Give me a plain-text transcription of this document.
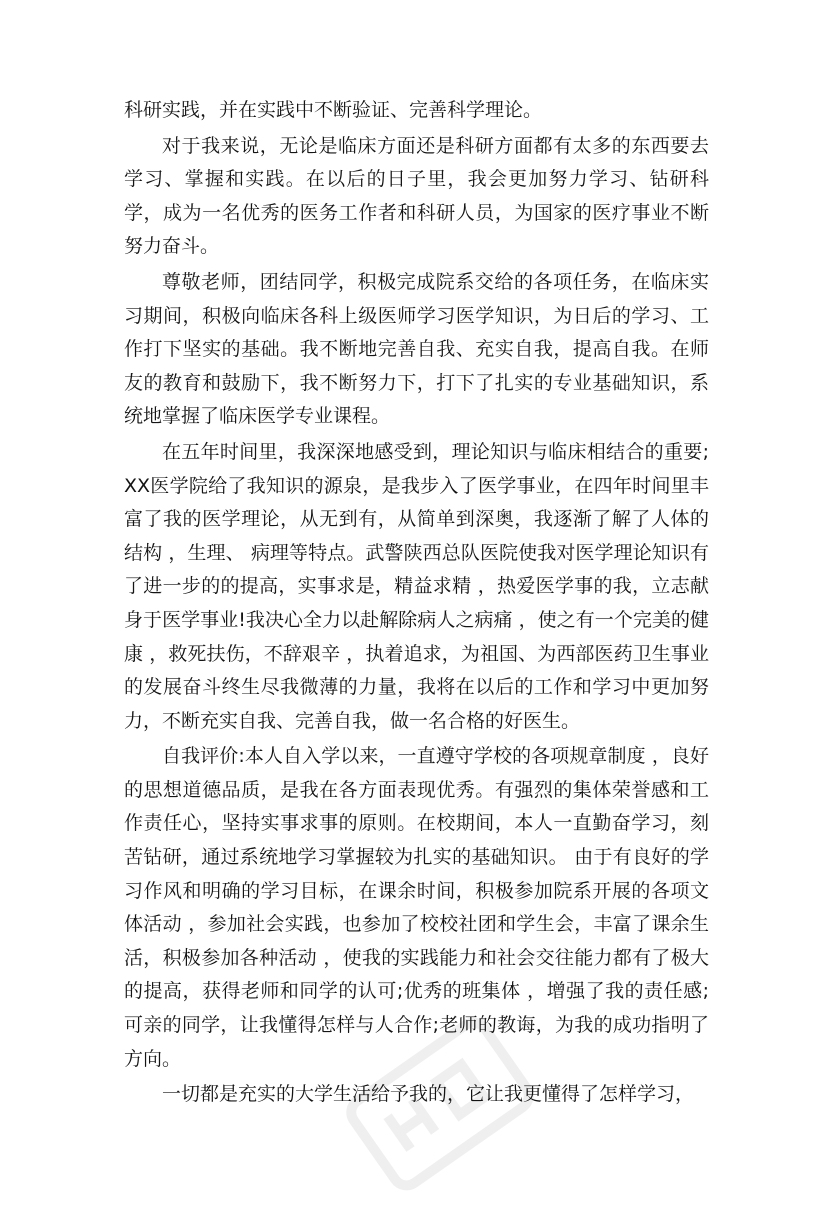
科研实践，并在实践中不断验证、完善科学理论。

对于我来说，无论是临床方面还是科研方面都有太多的东西要去学习、掌握和实践。在以后的日子里，我会更加努力学习、钻研科学，成为一名优秀的医务工作者和科研人员，为国家的医疗事业不断努力奋斗。

尊敬老师，团结同学，积极完成院系交给的各项任务，在临床实习期间，积极向临床各科上级医师学习医学知识，为日后的学习、工作打下坚实的基础。我不断地完善自我、充实自我，提高自我。在师友的教育和鼓励下，我不断努力下，打下了扎实的专业基础知识，系统地掌握了临床医学专业课程。

在五年时间里，我深深地感受到，理论知识与临床相结合的重要;XX医学院给了我知识的源泉，是我步入了医学事业，在四年时间里丰富了我的医学理论，从无到有，从简单到深奥，我逐渐了解了人体的结构 ，生理、 病理等特点。武警陕西总队医院使我对医学理论知识有了进一步的的提高，实事求是，精益求精 ，热爱医学事的我，立志献身于医学事业!我决心全力以赴解除病人之病痛 ，使之有一个完美的健康 ，救死扶伤，不辞艰辛 ，执着追求，为祖国、为西部医药卫生事业的发展奋斗终生尽我微薄的力量，我将在以后的工作和学习中更加努力，不断充实自我、完善自我，做一名合格的好医生。

自我评价:本人自入学以来，一直遵守学校的各项规章制度 ，良好的思想道德品质，是我在各方面表现优秀。有强烈的集体荣誉感和工作责任心，坚持实事求事的原则。在校期间，本人一直勤奋学习，刻苦钻研，通过系统地学习掌握较为扎实的基础知识。 由于有良好的学习作风和明确的学习目标，在课余时间，积极参加院系开展的各项文体活动 ，参加社会实践，也参加了校校社团和学生会，丰富了课余生活，积极参加各种活动 ，使我的实践能力和社会交往能力都有了极大的提高，获得老师和同学的认可;优秀的班集体 ，增强了我的责任感;可亲的同学，让我懂得怎样与人合作;老师的教诲，为我的成功指明了方向。

一切都是充实的大学生活给予我的，它让我更懂得了怎样学习，
